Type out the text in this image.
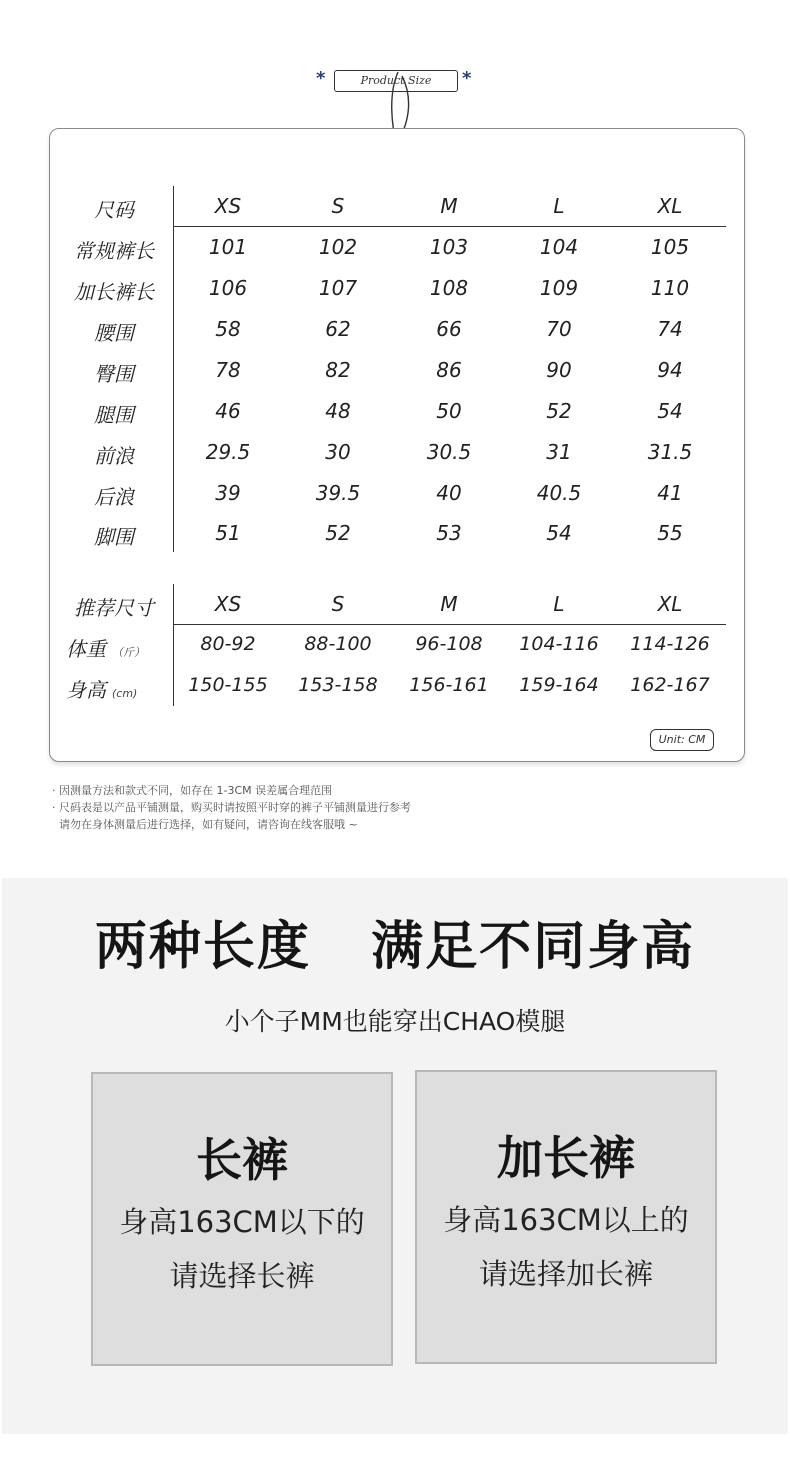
*	Product Size	*
尺码	XS	S	M	L	XL
常规裤长	101	102	103	104	105
加长裤长	106	107	108	109	110
腰围	58	62	66	70	74
臀围	78	82	86	90	94
腿围	46	48	50	52	54
前浪	29.5	30	30.5	31	31.5
后浪	39	39.5	40	40.5	41
脚围	51	52	53	54	55
推荐尺寸	XS	S	M	L	XL
体重 （斤）	80-92	88-100	96-108	104-116	114-126
身高 (cm)	150-155	153-158	156-161	159-164	162-167
Unit: CM
· 因测量方法和款式不同，如存在 1-3CM 误差属合理范围
· 尺码表是以产品平铺测量，购买时请按照平时穿的裤子平铺测量进行参考
请勿在身体测量后进行选择，如有疑问，请咨询在线客服哦 ~
两种长度   满足不同身高
小个子MM也能穿出CHAO模腿
长裤
身高163CM以下的
请选择长裤
加长裤
身高163CM以上的
请选择加长裤
